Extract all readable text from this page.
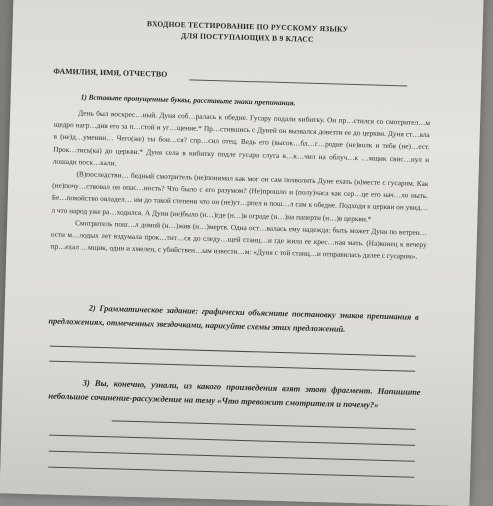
ВХОДНОЕ ТЕСТИРОВАНИЕ ПО РУССКОМУ ЯЗЫКУ
ДЛЯ ПОСТУПАЮЩИХ В 9 КЛАСС
ФАМИЛИЯ, ИМЯ, ОТЧЕСТВО
1) Вставьте пропущенные буквы, расставьте знаки препинания.

День был воскрес…ный. Дуня соб…ралась к обедне. Гусару подали кибитку. Он пр…стился со смотрител…м щедро нагр…див его за п…стой и уг…щение.* Пр…стившись с Дуней он вызвался довезти ее до церкви. Дуня ст…яла в (не)д…умении… Чего(же) ты бои…ся? спр…сил отец. Ведь его (высок…бл…г…родие (не)волк и тебя (не)…ест. Прок…тись(ка) до церкви.* Дуня села в кибитку подле гусара слуга в…к…чил на облуч…к …мщик свис…нул и лошади поск…кали.

(В)последстви… бедный смотритель (не)понимал как мог он сам позволить Дуне ехать (в)месте с гусаром. Как (не)почу…ствовал он опас…ность? Что было с его разумом? (Не)прошло и (полу)часа как сер…це его нач…ло ныть. Бе…покойство овладел… им до такой степени что он (не)ут…рпел и пош…л сам к обедне. Подходя к церкви он увид…л что народ уже ра…ходился. А Дуни (не)было (н…)где (н…)в ограде (н…)на паперти (н…)в церкви.*

Смотритель пош…л домой (н…)жив (н…)мертв. Одна ост…валась ему надежда: быть может Дуня по ветрен…ости м…лодых лет вздумала прок…тит…ся до следу…щей станц…и где жила ее крес…ная мать. (На)конец к вечеру пр…ехал …мщик, один и хмелен, с убийствен…ым извести…м: «Дуня с той станц…и отправилась далее с гусаром».

2) Грамматическое задание: графически объясните постановку знаков препинания в предложениях, отмеченных звездочками, нарисуйте схемы этих предложений.
3) Вы, конечно, узнали, из какого произведения взят этот фрагмент. Напишите небольшое сочинение-рассуждение на тему «Что тревожит смотрителя и почему?»
